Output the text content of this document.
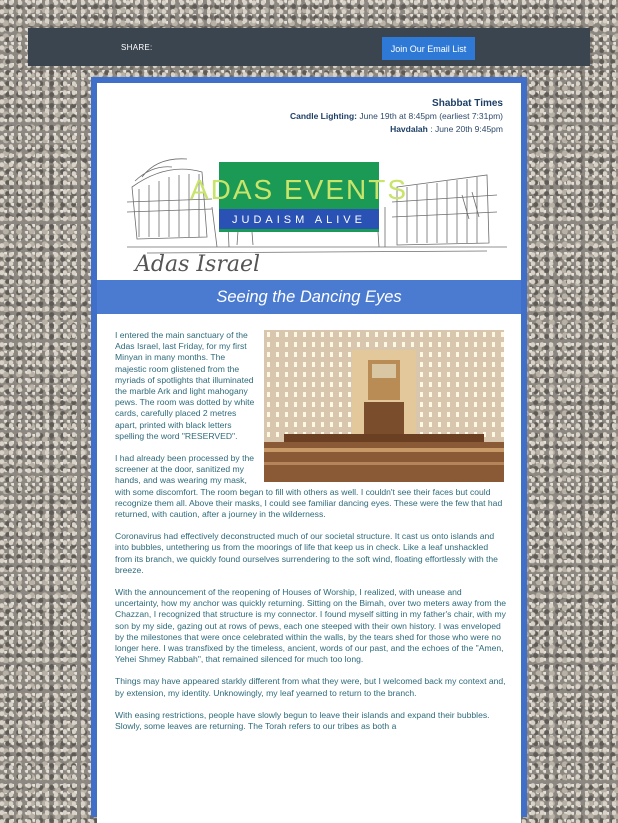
SHARE:	Join Our Email List
Shabbat Times
Candle Lighting: June 19th at 8:45pm (earliest 7:31pm)
Havdalah : June 20th 9:45pm
ADAS EVENTS
JUDAISM ALIVE
Adas Israel
Seeing the Dancing Eyes

I entered the main sanctuary of the Adas Israel, last Friday, for my first Minyan in many months. The majestic room glistened from the myriads of spotlights that illuminated the marble Ark and light mahogany pews. The room was dotted by white cards, carefully placed 2 metres apart, printed with black letters spelling the word "RESERVED".

I had already been processed by the screener at the door, sanitized my hands, and was wearing my mask, with some discomfort. The room began to fill with others as well. I couldn't see their faces but could recognize them all. Above their masks, I could see familiar dancing eyes. These were the few that had returned, with caution, after a journey in the wilderness.

Coronavirus had effectively deconstructed much of our societal structure. It cast us onto islands and into bubbles, untethering us from the moorings of life that keep us in check. Like a leaf unshackled from its branch, we quickly found ourselves surrendering to the soft wind, floating effortlessly with the breeze.

With the announcement of the reopening of Houses of Worship, I realized, with unease and uncertainty, how my anchor was quickly returning. Sitting on the Bimah, over two meters away from the Chazzan, I recognized that structure is my connector. I found myself sitting in my father's chair, with my son by my side, gazing out at rows of pews, each one steeped with their own history. I was enveloped by the milestones that were once celebrated within the walls, by the tears shed for those who were no longer here. I was transfixed by the timeless, ancient, words of our past, and the echoes of the "Amen, Yehei Shmey Rabbah", that remained silenced for much too long.

Things may have appeared starkly different from what they were, but I welcomed back my context and, by extension, my identity. Unknowingly, my leaf yearned to return to the branch.

With easing restrictions, people have slowly begun to leave their islands and expand their bubbles. Slowly, some leaves are returning. The Torah refers to our tribes as both a
